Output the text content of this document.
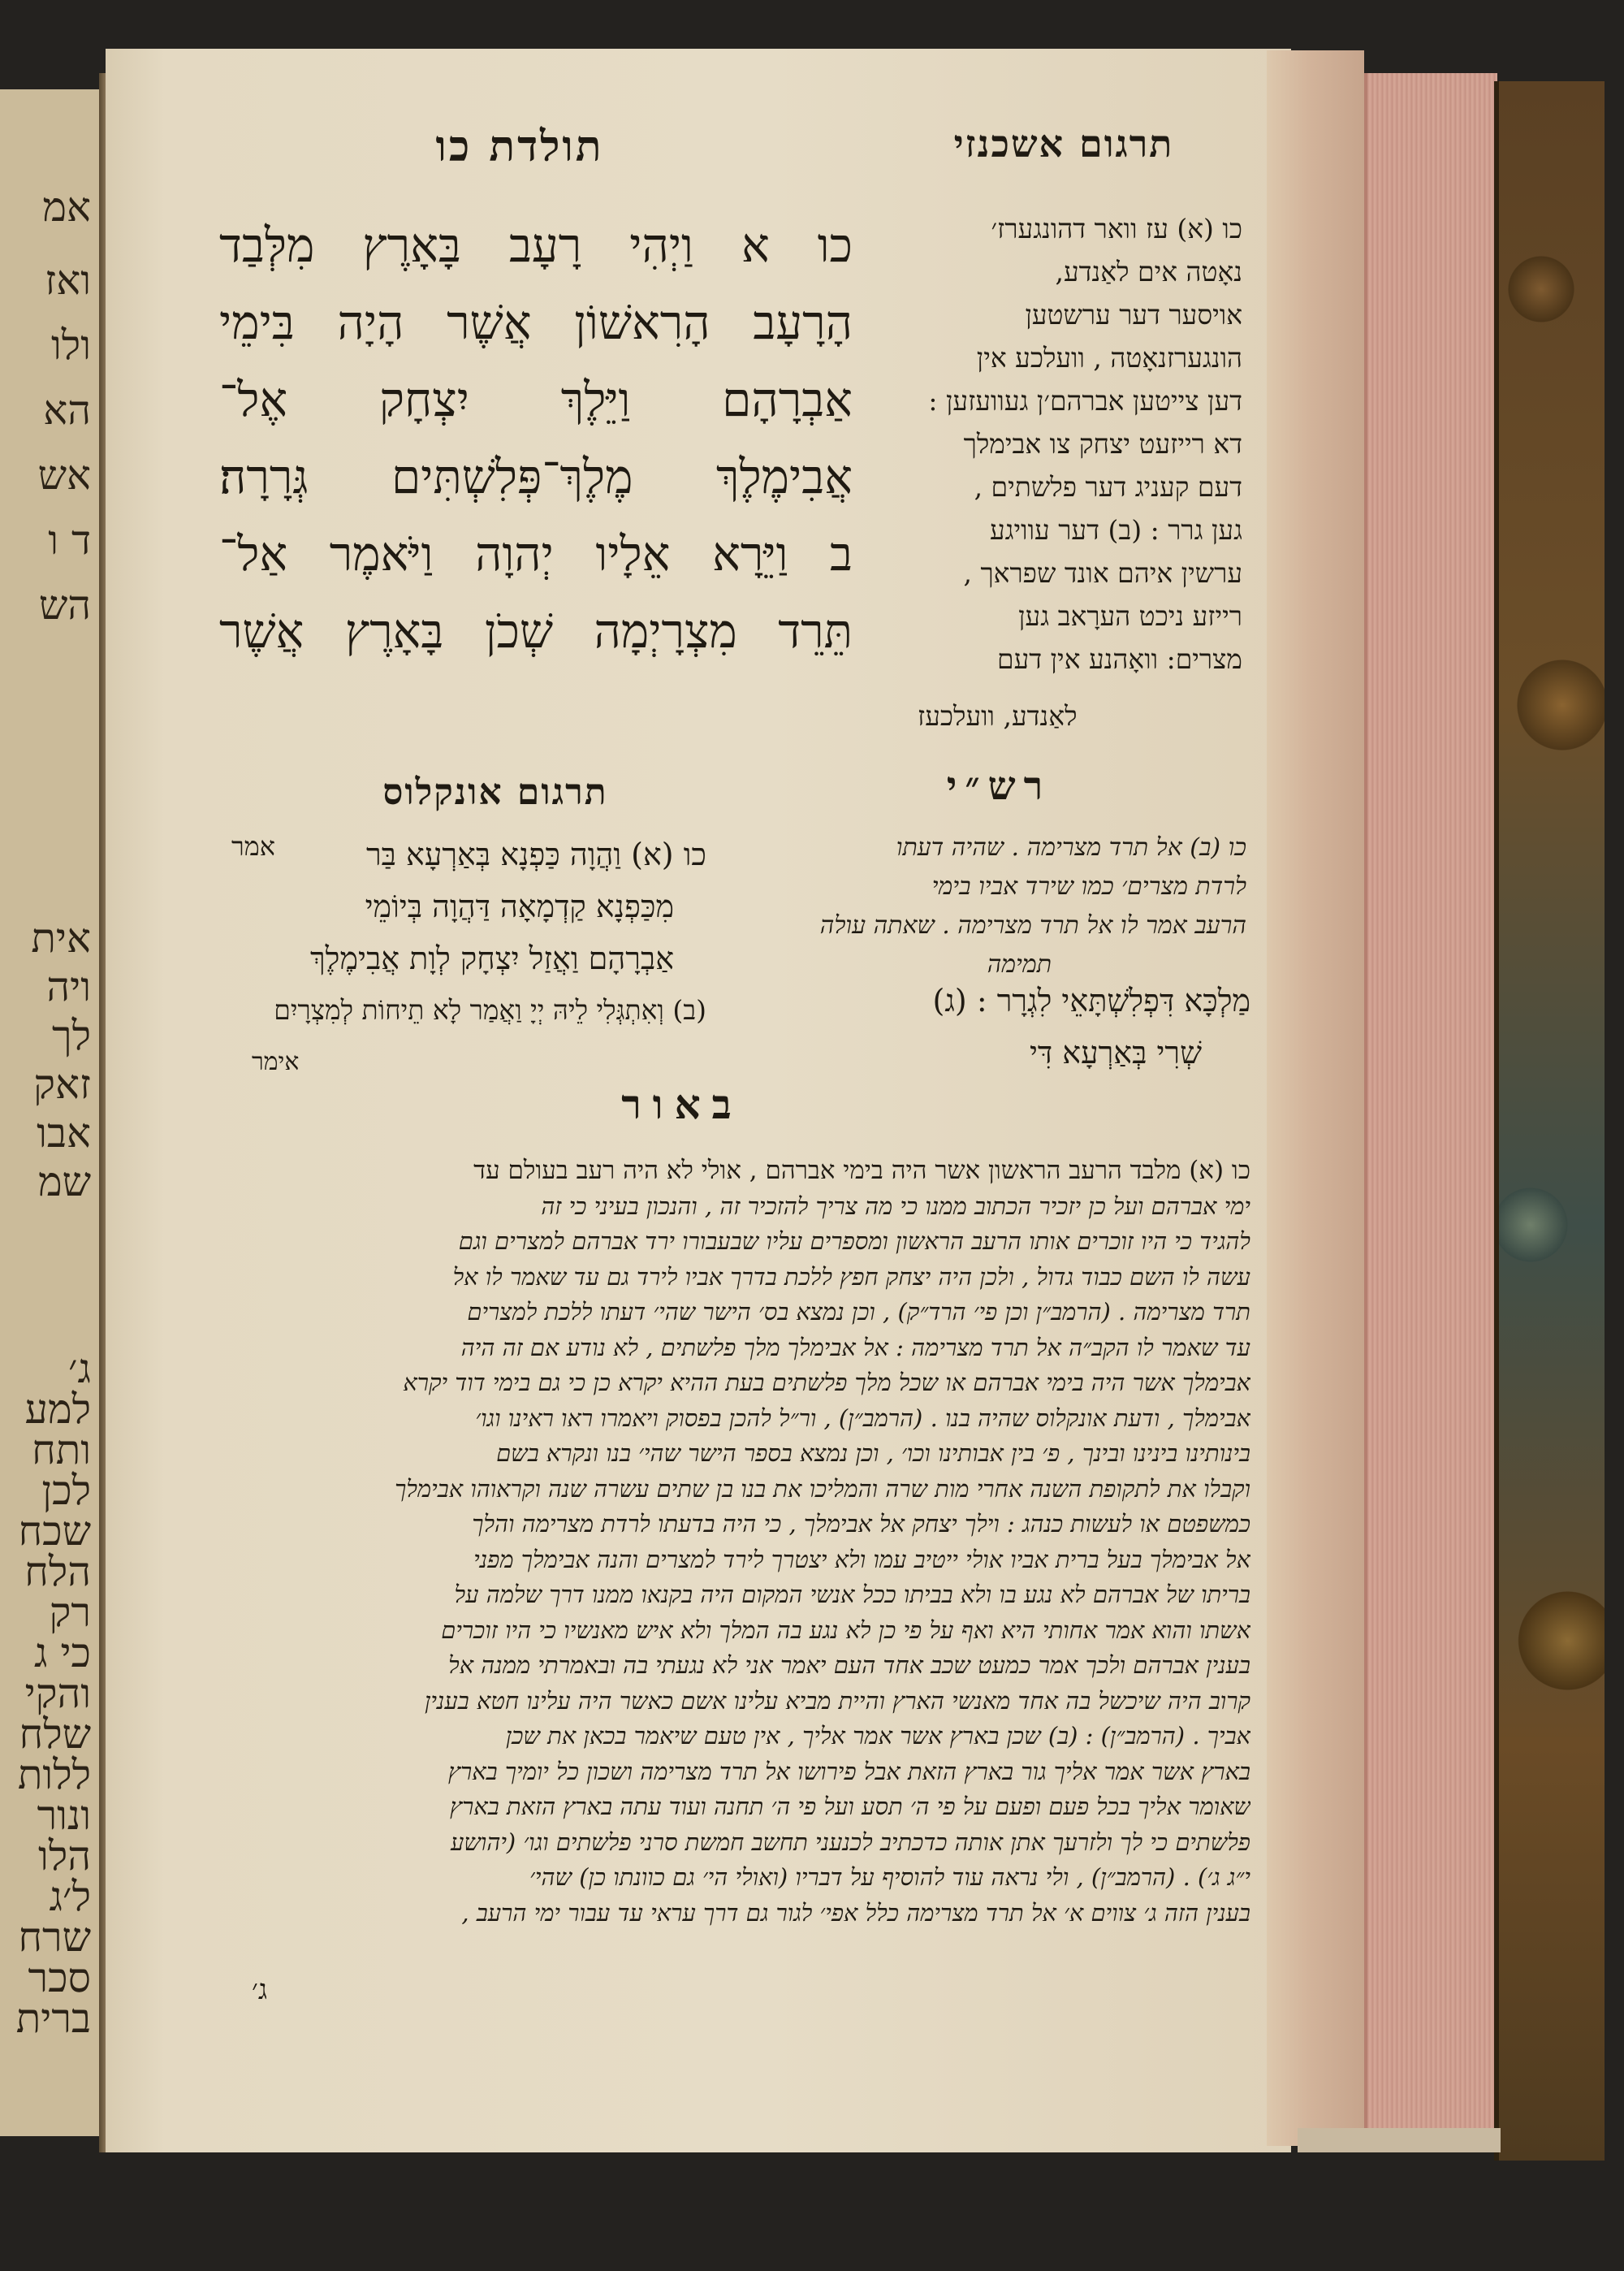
אמ
ואז
ולו
הא
אש
ד ו
הש
אית
ויה
לך
זאק
אבו
שמ
ג׳
למע
ותח
לכן
שכח
הלח
רק
כי ג
והקי
שלח
ללות
ונור
הלו
ל׳ג
שרח
סכר
ברית
תרגום אשכנזי
תולדת כו
כו א וַיְהִי רָעָב בָּאָרֶץ מִלְּבַד
הָרָעָב הָרִאשׁוֹן אֲשֶׁר הָיָה בִּימֵי
אַבְרָהָם וַיֵּלֶךְ יִצְחָק אֶל־
אֲבִימֶלֶךְ מֶלֶךְ־פְּלִשְׁתִּים גְּרָרָה׃
ב וַיֵּרָא אֵלָיו יְהוָה וַיֹּאמֶר אַל־
תֵּרֵד מִצְרָיְמָה שְׁכֹן בָּאָרֶץ אֲשֶׁר
אמר
כו (א) עז וואר דהונגערז׳
נאָטה אים לאַנדע,
אויסער דער ערשטען
הונגערזנאָטה , וועלכע אין
דען צייטען אברהם׳ן געוועזען :
דא רייזעט יצחק צו אבימלך
דעם קעניג דער פלשתים ,
גען גרר : (ב) דער עוויגע
ערשין איהם אונד שפראך ,
רייזע ניכט הערָאב גען
מצרים: וואָהנע אין דעם
לאַנדע, וועלכעז
רש״י
תרגום אונקלוס
כו (ב) אל תרד מצרימה . שהיה דעתו
לרדת מצרים׳ כמו שירד אביו בימי
הרעב אמר לו אל תרד מצרימה . שאתה עולה
תמימה
כו (א) וַהֲוָה כַּפְנָא בְּאַרְעָא בַּר
מִכַּפְנָא קַדְמָאָה דַּהֲוָה בְּיוֹמֵי
אַבְרָהָם וַאֲזַל יִצְחָק לְוָת אֲבִימֶלֶךְ
(ב) וְאִתְגְּלִי לֵיהּ יְיָ וַאֲמַר לָא תֵיחוֹת לְמִצְרָיִם	מַלְכָּא דִּפְלִשְׁתָּאֵי לִגְרָר : (ג)
שְׁרִי בְּאַרְעָא דִּי
אימר
באור
כו (א) מלבד הרעב הראשון אשר היה בימי אברהם , אולי לא היה רעב בעולם עד
ימי אברהם ועל כן יזכיר הכתוב ממנו כי מה צריך להזכיר זה , והנכון בעיני כי זה
להגיד כי היו זוכרים אותו הרעב הראשון ומספרים עליו שבעבורו ירד אברהם למצרים וגם
עשה לו השם כבוד גדול , ולכן היה יצחק חפץ ללכת בדרך אביו לירד גם עד שאמר לו אל
תרד מצרימה . (הרמב״ן וכן פי׳ הרד״ק) , וכן נמצא בס׳ הישר שהי׳ דעתו ללכת למצרים
עד שאמר לו הקב״ה אל תרד מצרימה : אל אבימלך מלך פלשתים , לא נודע אם זה היה
אבימלך אשר היה בימי אברהם או שכל מלך פלשתים בעת ההיא יקרא כן כי גם בימי דוד יקרא
אבימלך , ודעת אונקלוס שהיה בנו . (הרמב״ן) , ור״ל להכן בפסוק ויאמרו ראו ראינו וגו׳
בינותינו בינינו ובינך , פ׳ בין אבותינו וכו׳ , וכן נמצא בספר הישר שהי׳ בנו ונקרא בשם
וקבלו את לתקופת השנה אחרי מות שרה והמליכו את בנו בן שתים עשרה שנה וקראוהו אבימלך
כמשפטם או לעשות כנהג : וילך יצחק אל אבימלך , כי היה בדעתו לרדת מצרימה והלך
אל אבימלך בעל ברית אביו אולי ייטיב עמו ולא יצטרך לירד למצרים והנה אבימלך מפני
בריתו של אברהם לא נגע בו ולא בביתו ככל אנשי המקום היה בקנאו ממנו דרך שלמה על
אשתו והוא אמר אחותי היא ואף על פי כן לא נגע בה המלך ולא איש מאנשיו כי היו זוכרים
בענין אברהם ולכך אמר כמעט שכב אחד העם יאמר אני לא נגעתי בה ובאמרתי ממנה אל
קרוב היה שיכשל בה אחד מאנשי הארץ והיית מביא עלינו אשם כאשר היה עלינו חטא בענין
אביך . (הרמב״ן) : (ב) שכן בארץ אשר אמר אליך , אין טעם שיאמר בכאן את שכן
בארץ אשר אמר אליך גור בארץ הזאת אבל פירושו אל תרד מצרימה ושכון כל יומיך בארץ
שאומר אליך בכל פעם ופעם על פי ה׳ תסע ועל פי ה׳ תחנה ועוד עתה בארץ הזאת בארץ
פלשתים כי לך ולזרעך אתן אותה כדכתיב לכנעני תחשב חמשת סרני פלשתים וגו׳ (יהושע
י״ג ג׳) . (הרמב״ן) , ולי נראה עוד להוסיף על דבריו (ואולי הי׳ גם כוונתו כן) שהי׳
בענין הזה ג׳ צווים א׳ אל תרד מצרימה כלל אפי׳ לגור גם דרך עראי עד עבור ימי הרעב ,
ג׳
